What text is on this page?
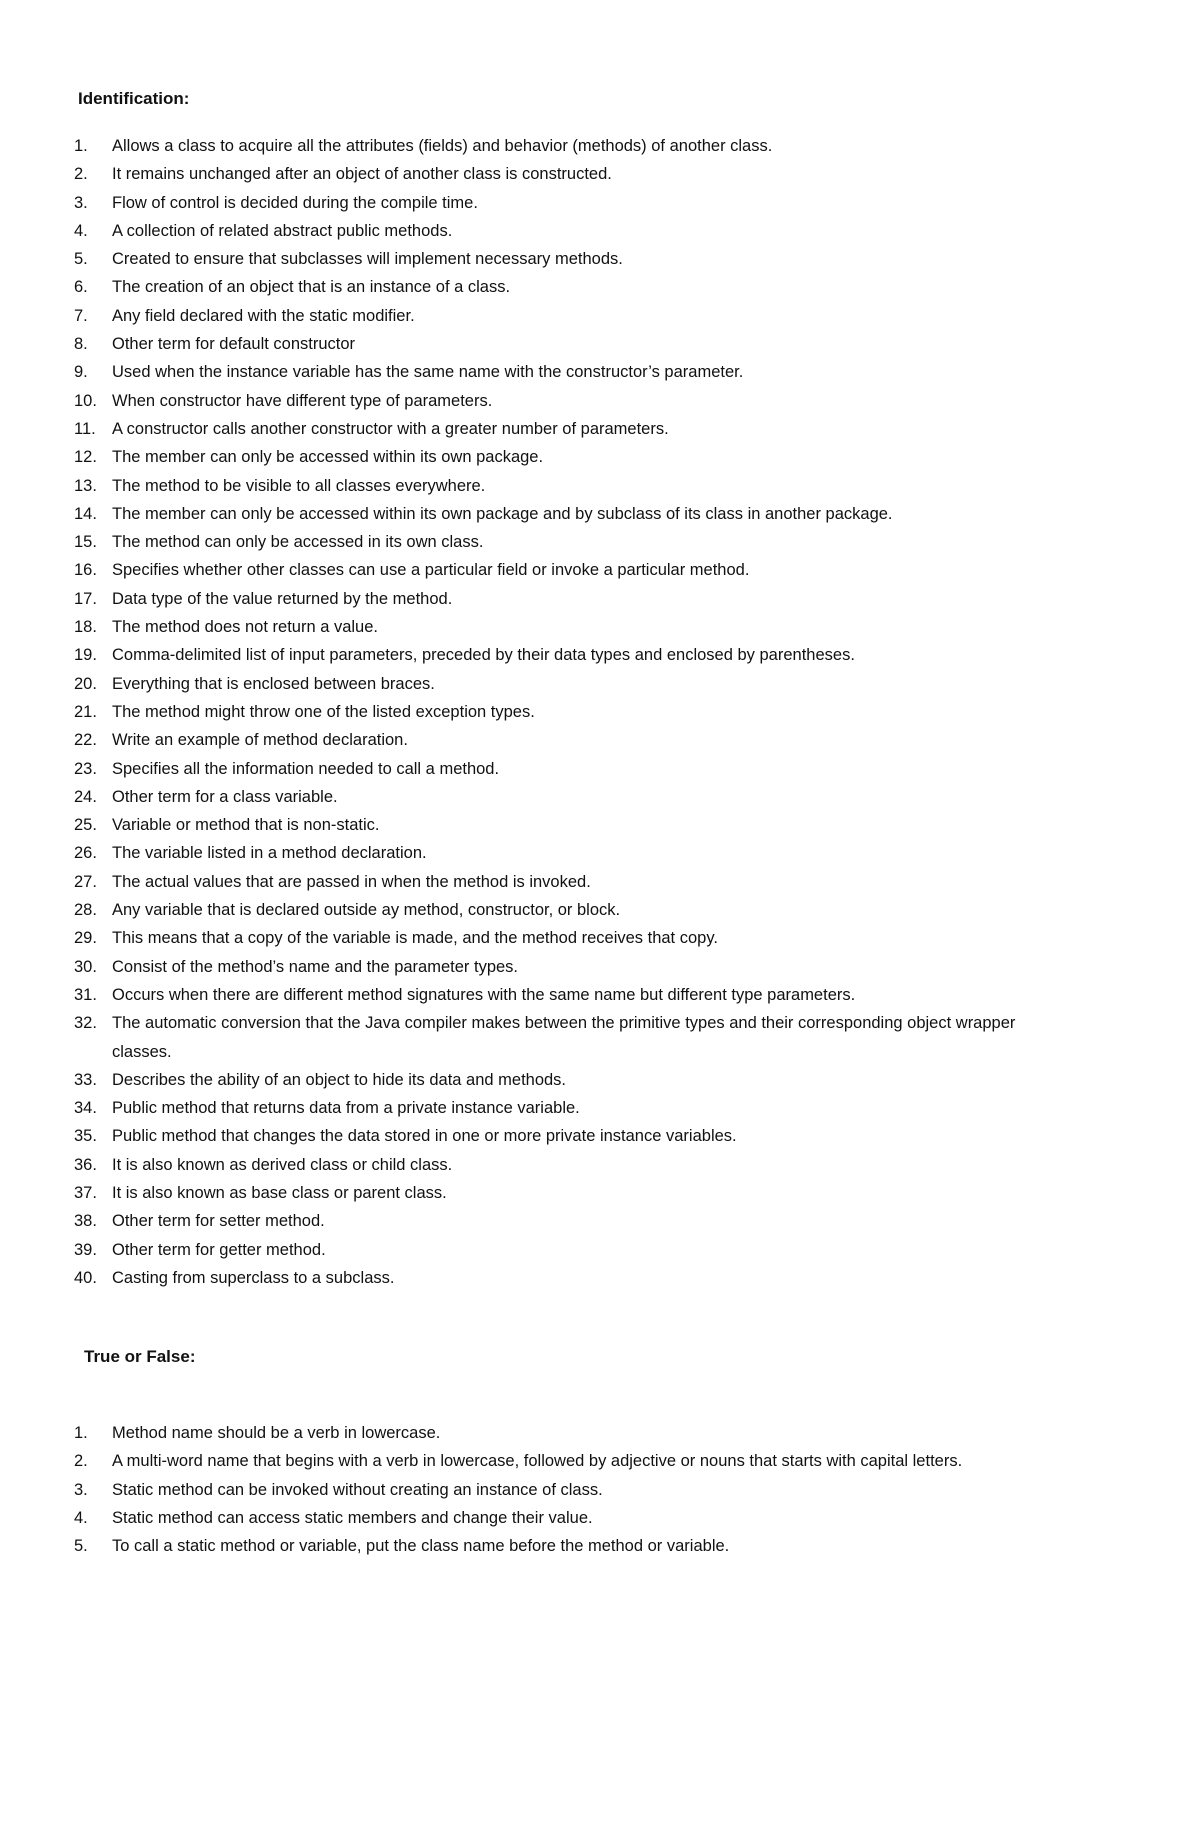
Identification:
1.	Allows a class to acquire all the attributes (fields) and behavior (methods) of another class.
2.	It remains unchanged after an object of another class is constructed.
3.	Flow of control is decided during the compile time.
4.	A collection of related abstract public methods.
5.	Created to ensure that subclasses will implement necessary methods.
6.	The creation of an object that is an instance of a class.
7.	Any field declared with the static modifier.
8.	Other term for default constructor
9.	Used when the instance variable has the same name with the constructor’s parameter.
10. When constructor have different type of parameters.
11. A constructor calls another constructor with a greater number of parameters.
12. The member can only be accessed within its own package.
13. The method to be visible to all classes everywhere.
14. The member can only be accessed within its own package and by subclass of its class in another package.
15. The method can only be accessed in its own class.
16. Specifies whether other classes can use a particular field or invoke a particular method.
17. Data type of the value returned by the method.
18. The method does not return a value.
19. Comma-delimited list of input parameters, preceded by their data types and enclosed by parentheses.
20. Everything that is enclosed between braces.
21. The method might throw one of the listed exception types.
22. Write an example of method declaration.
23. Specifies all the information needed to call a method.
24. Other term for a class variable.
25. Variable or method that is non-static.
26. The variable listed in a method declaration.
27. The actual values that are passed in when the method is invoked.
28. Any variable that is declared outside ay method, constructor, or block.
29. This means that a copy of the variable is made, and the method receives that copy.
30. Consist of the method’s name and the parameter types.
31. Occurs when there are different method signatures with the same name but different type parameters.
32. The automatic conversion that the Java compiler makes between the primitive types and their corresponding object wrapper classes.
33. Describes the ability of an object to hide its data and methods.
34. Public method that returns data from a private instance variable.
35. Public method that changes the data stored in one or more private instance variables.
36. It is also known as derived class or child class.
37. It is also known as base class or parent class.
38. Other term for setter method.
39. Other term for getter method.
40. Casting from superclass to a subclass.
True or False:
1.	Method name should be a verb in lowercase.
2.	A multi-word name that begins with a verb in lowercase, followed by adjective or nouns that starts with capital letters.
3.	Static method can be invoked without creating an instance of class.
4.	Static method can access static members and change their value.
5.	To call a static method or variable, put the class name before the method or variable.
